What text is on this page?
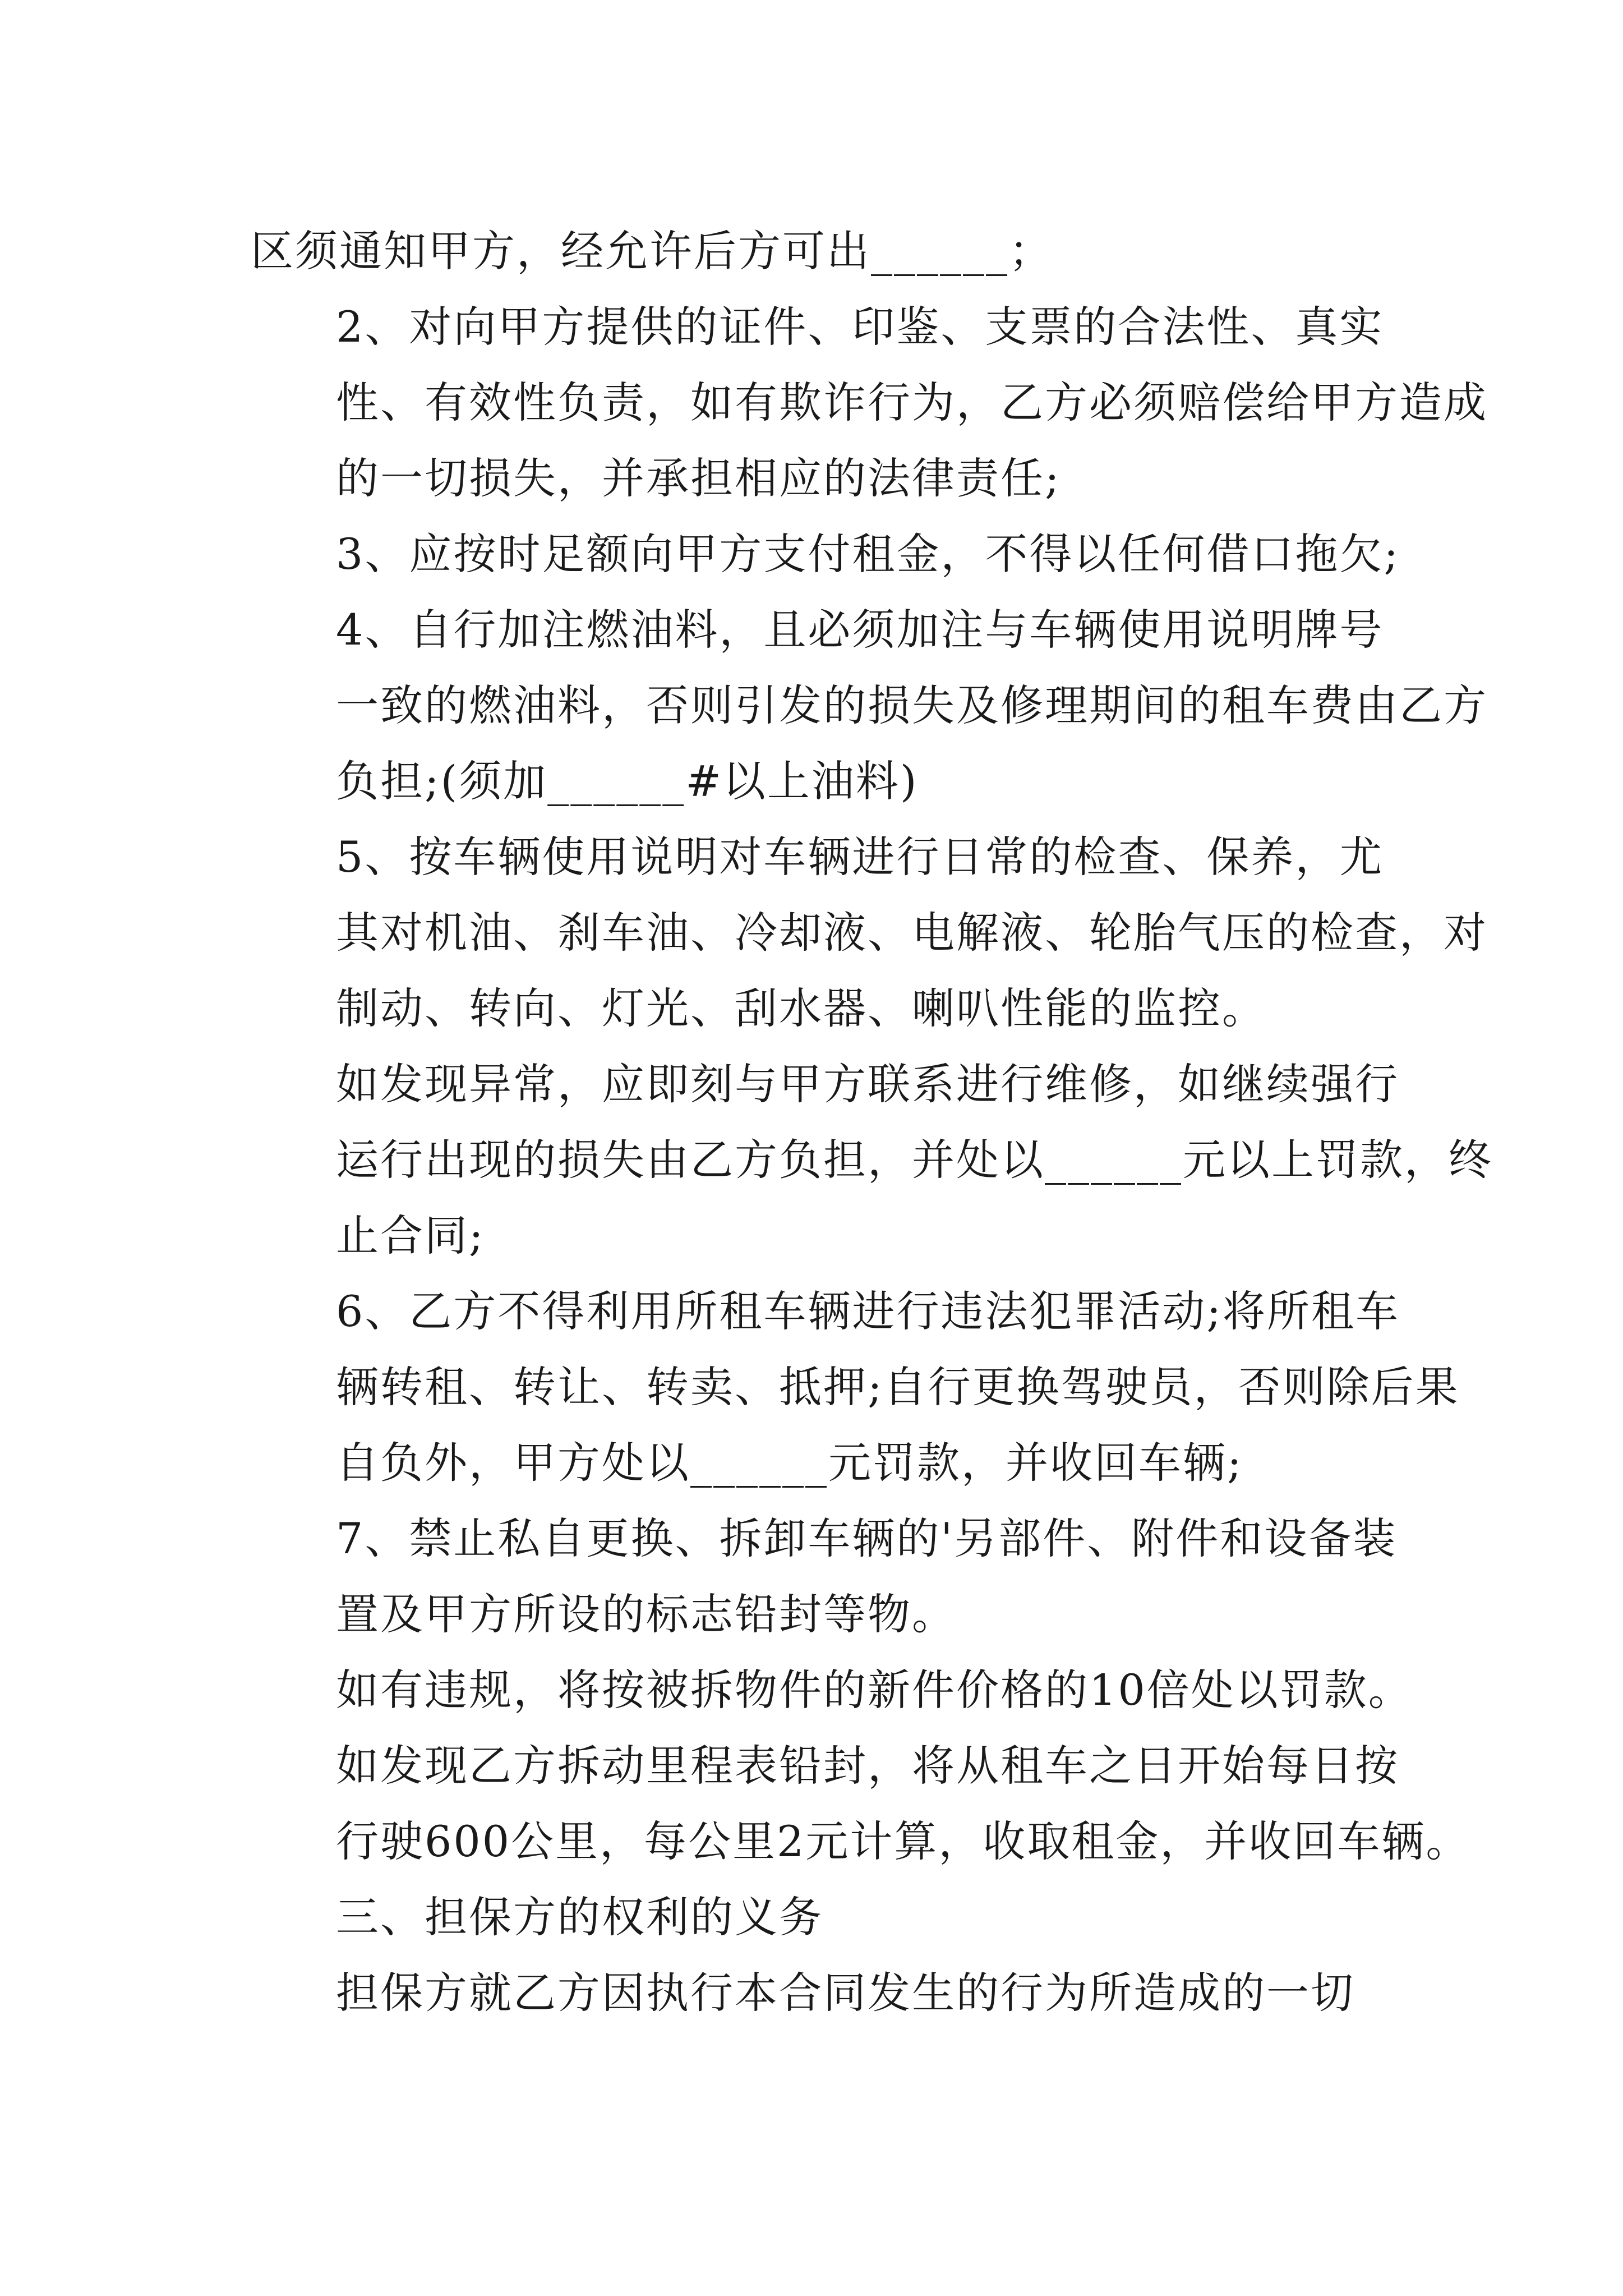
区须通知甲方，经允许后方可出______；

2、对向甲方提供的证件、印鉴、支票的合法性、真实
性、有效性负责，如有欺诈行为，乙方必须赔偿给甲方造成
的一切损失，并承担相应的法律责任;

3、应按时足额向甲方支付租金，不得以任何借口拖欠;

4、自行加注燃油料，且必须加注与车辆使用说明牌号
一致的燃油料，否则引发的损失及修理期间的租车费由乙方
负担;(须加______#以上油料)

5、按车辆使用说明对车辆进行日常的检查、保养，尤
其对机油、刹车油、冷却液、电解液、轮胎气压的检查，对
制动、转向、灯光、刮水器、喇叭性能的监控。

如发现异常，应即刻与甲方联系进行维修，如继续强行
运行出现的损失由乙方负担，并处以______元以上罚款，终
止合同;

6、乙方不得利用所租车辆进行违法犯罪活动;将所租车
辆转租、转让、转卖、抵押;自行更换驾驶员，否则除后果
自负外，甲方处以______元罚款，并收回车辆;

7、禁止私自更换、拆卸车辆的'另部件、附件和设备装
置及甲方所设的标志铅封等物。

如有违规，将按被拆物件的新件价格的10倍处以罚款。

如发现乙方拆动里程表铅封，将从租车之日开始每日按
行驶600公里，每公里2元计算，收取租金，并收回车辆。

三、担保方的权利的义务

担保方就乙方因执行本合同发生的行为所造成的一切
